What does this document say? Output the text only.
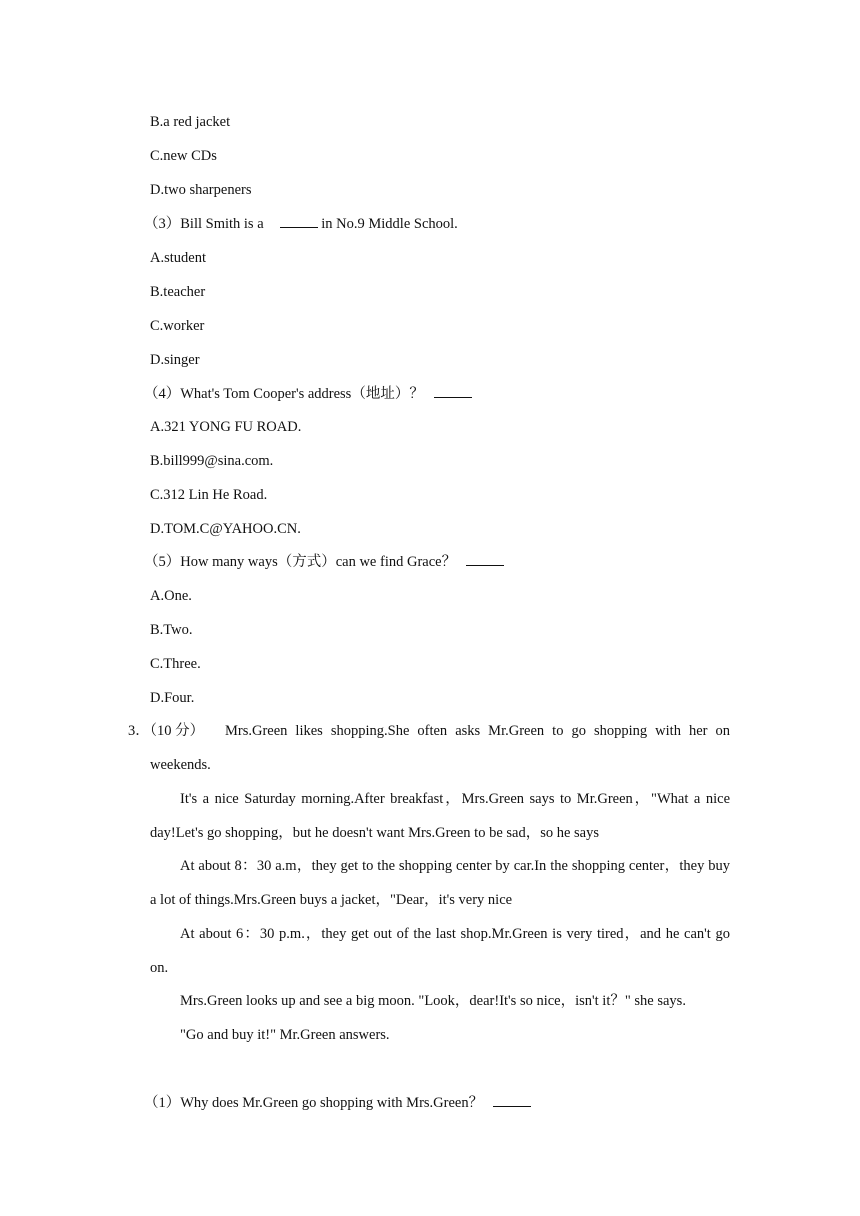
B.a red jacket
C.new CDs
D.two sharpeners
（3）Bill Smith is a	in No.9 Middle School.
A.student
B.teacher
C.worker
D.singer
（4）What's Tom Cooper's address（地址）？
A.321 YONG FU ROAD.
B.bill999@sina.com.
C.312 Lin He Road.
D.TOM.C@YAHOO.CN.
（5）How many ways（方式）can we find Grace？
A.One.
B.Two.
C.Three.
D.Four.
3．（10 分） Mrs.Green likes shopping.She often asks Mr.Green to go shopping with her on
weekends.
It's a nice Saturday morning.After breakfast，Mrs.Green says to Mr.Green，"What a nice
day!Let's go shopping，but he doesn't want Mrs.Green to be sad，so he says
At about 8：30 a.m，they get to the shopping center by car.In the shopping center，they buy
a lot of things.Mrs.Green buys a jacket，"Dear，it's very nice
At about 6：30 p.m.，they get out of the last shop.Mr.Green is very tired，and he can't go
on.
Mrs.Green looks up and see a big moon. "Look，dear!It's so nice，isn't it？" she says.
"Go and buy it!" Mr.Green answers.
（1）Why does Mr.Green go shopping with Mrs.Green？
